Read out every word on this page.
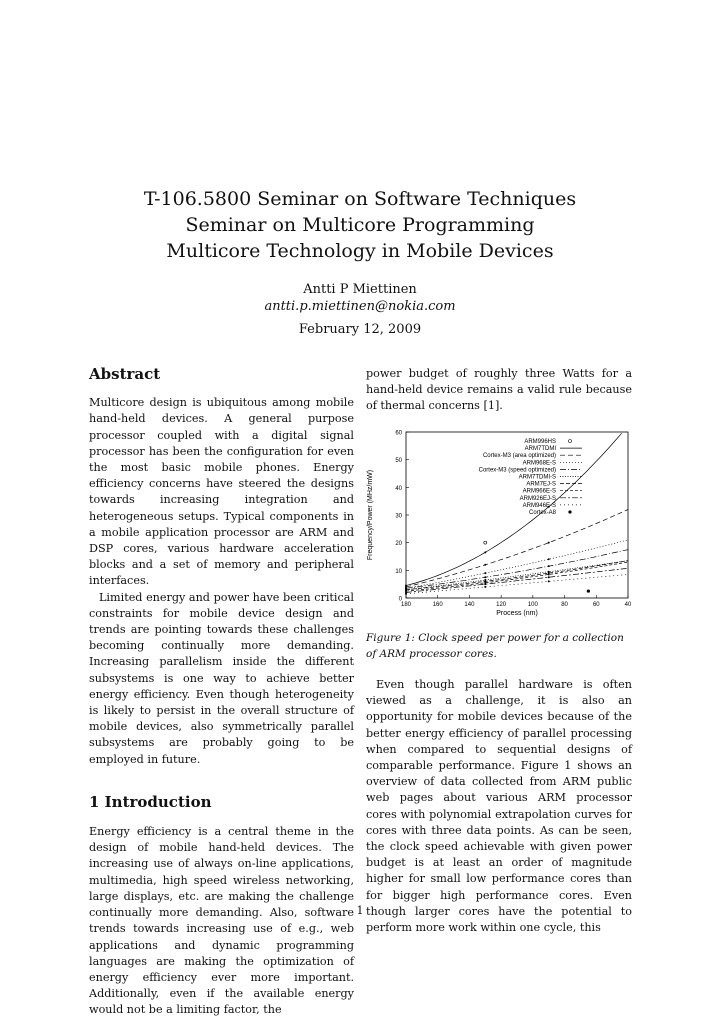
T-106.5800 Seminar on Software Techniques
Seminar on Multicore Programming
Multicore Technology in Mobile Devices
Antti P Miettinen
antti.p.miettinen@nokia.com
February 12, 2009
Abstract

Multicore design is ubiquitous among mobile hand-held devices. A general purpose processor coupled with a digital signal processor has been the configuration for even the most basic mobile phones. Energy efficiency concerns have steered the designs towards increasing integration and heterogeneous setups. Typical components in a mobile application processor are ARM and DSP cores, various hardware acceleration blocks and a set of memory and peripheral interfaces.

Limited energy and power have been critical constraints for mobile device design and trends are pointing towards these challenges becoming continually more demanding. Increasing parallelism inside the different subsystems is one way to achieve better energy efficiency. Even though heterogeneity is likely to persist in the overall structure of mobile devices, also symmetrically parallel subsystems are probably going to be employed in future.

1 Introduction

Energy efficiency is a central theme in the design of mobile hand-held devices. The increasing use of always on-line applications, multimedia, high speed wireless networking, large displays, etc. are making the challenge continually more demanding. Also, software trends towards increasing use of e.g., web applications and dynamic programming languages are making the optimization of energy efficiency ever more important. Additionally, even if the available energy would not be a limiting factor, the

power budget of roughly three Watts for a hand-held device remains a valid rule because of thermal concerns [1].

0
10
20
30
40
50
60
180	160	140	120	100	80	60	40
Process (nm)
Frequency/Power (MHz/mW)
ARM996HS
ARM7TDMI
Cortex-M3 (area optimized)
ARM968E-S
Cortex-M3 (speed optimized)
ARM7TDMI-S
ARM7EJ-S
ARM966E-S
ARM926EJ-S
ARM946E-S
Cortex-A8
Figure 1: Clock speed per power for a collection of ARM processor cores.

Even though parallel hardware is often viewed as a challenge, it is also an opportunity for mobile devices because of the better energy efficiency of parallel processing when compared to sequential designs of comparable performance. Figure 1 shows an overview of data collected from ARM public web pages about various ARM processor cores with polynomial extrapolation curves for cores with three data points. As can be seen, the clock speed achievable with given power budget is at least an order of magnitude higher for small low performance cores than for bigger high performance cores. Even though larger cores have the potential to perform more work within one cycle, this

1
